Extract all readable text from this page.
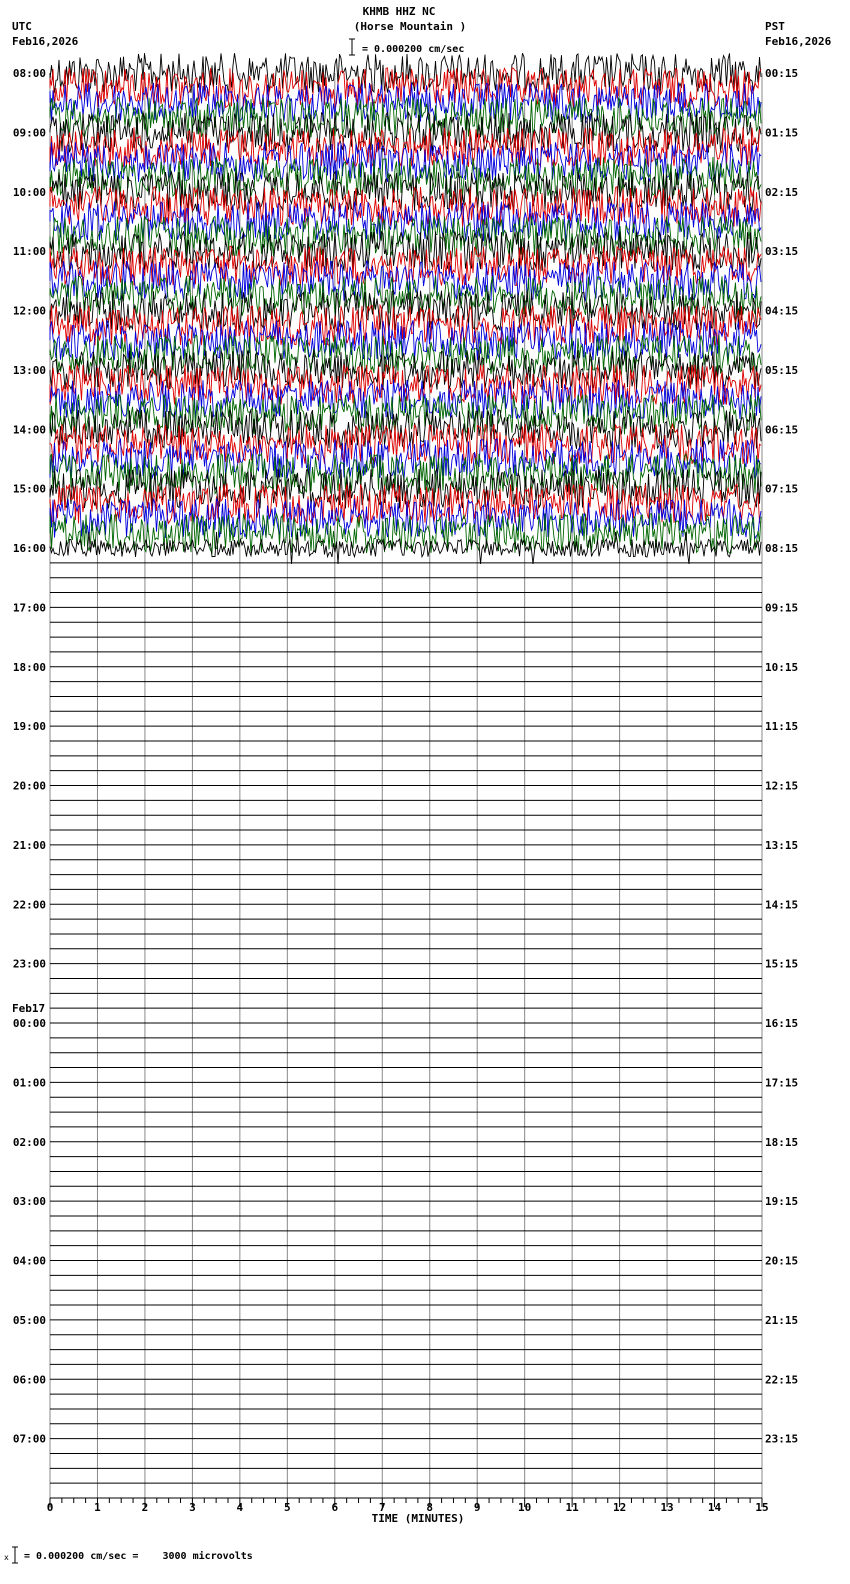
KHMB HHZ NC
(Horse Mountain )
UTC
Feb16,2026
PST
Feb16,2026
= 0.000200 cm/sec
08:00
09:00
10:00
11:00
12:00
13:00
14:00
15:00
16:00
17:00
18:00
19:00
20:00
21:00
22:00
23:00
00:00
Feb17
01:00
02:00
03:00
04:00
05:00
06:00
07:00
00:15
01:15
02:15
03:15
04:15
05:15
06:15
07:15
08:15
09:15
10:15
11:15
12:15
13:15
14:15
15:15
16:15
17:15
18:15
19:15
20:15
21:15
22:15
23:15
0	1	2	3	4	5	6	7	8	9	10	11	12	13	14	15
TIME (MINUTES)
x = 0.000200 cm/sec =    3000 microvolts
